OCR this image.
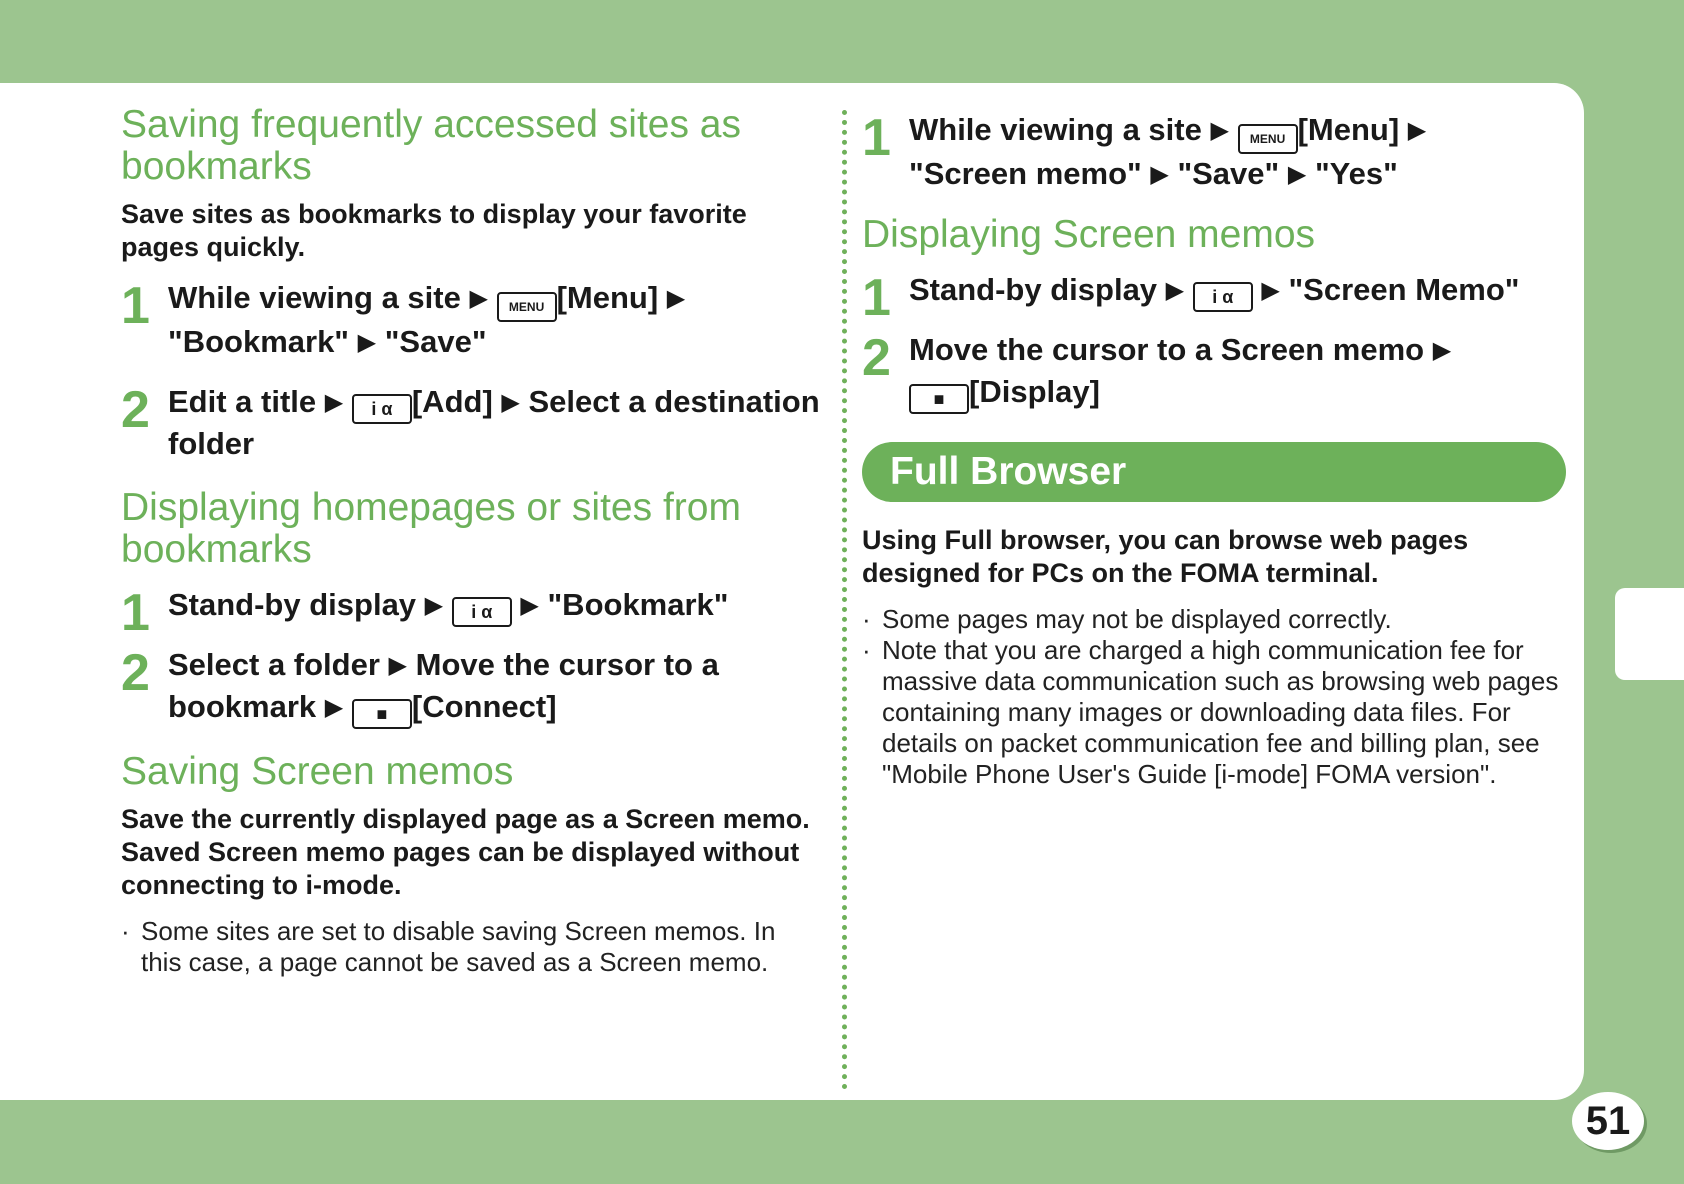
51
Saving frequently accessed sites as bookmarks

Save sites as bookmarks to display your favorite pages quickly.

1 While viewing a site ▶ MENU [Menu] ▶
"Bookmark" ▶ "Save"
2 Edit a title ▶ i α [Add] ▶ Select a destination folder
Displaying homepages or sites from bookmarks
1 Stand-by display ▶ i α ▶ "Bookmark"
2 Select a folder ▶ Move the cursor to a bookmark ▶ ■ [Connect]
Saving Screen memos

Save the currently displayed page as a Screen memo. Saved Screen memo pages can be displayed without connecting to i-mode.

· Some sites are set to disable saving Screen memos. In this case, a page cannot be saved as a Screen memo.
1 While viewing a site ▶ MENU [Menu] ▶
"Screen memo" ▶ "Save" ▶ "Yes"
Displaying Screen memos
1 Stand-by display ▶ i α ▶ "Screen Memo"
2 Move the cursor to a Screen memo ▶
■ [Display]
Full Browser

Using Full browser, you can browse web pages designed for PCs on the FOMA terminal.

· Some pages may not be displayed correctly.
· Note that you are charged a high communication fee for massive data communication such as browsing web pages containing many images or downloading data files. For details on packet communication fee and billing plan, see "Mobile Phone User's Guide [i-mode] FOMA version".
